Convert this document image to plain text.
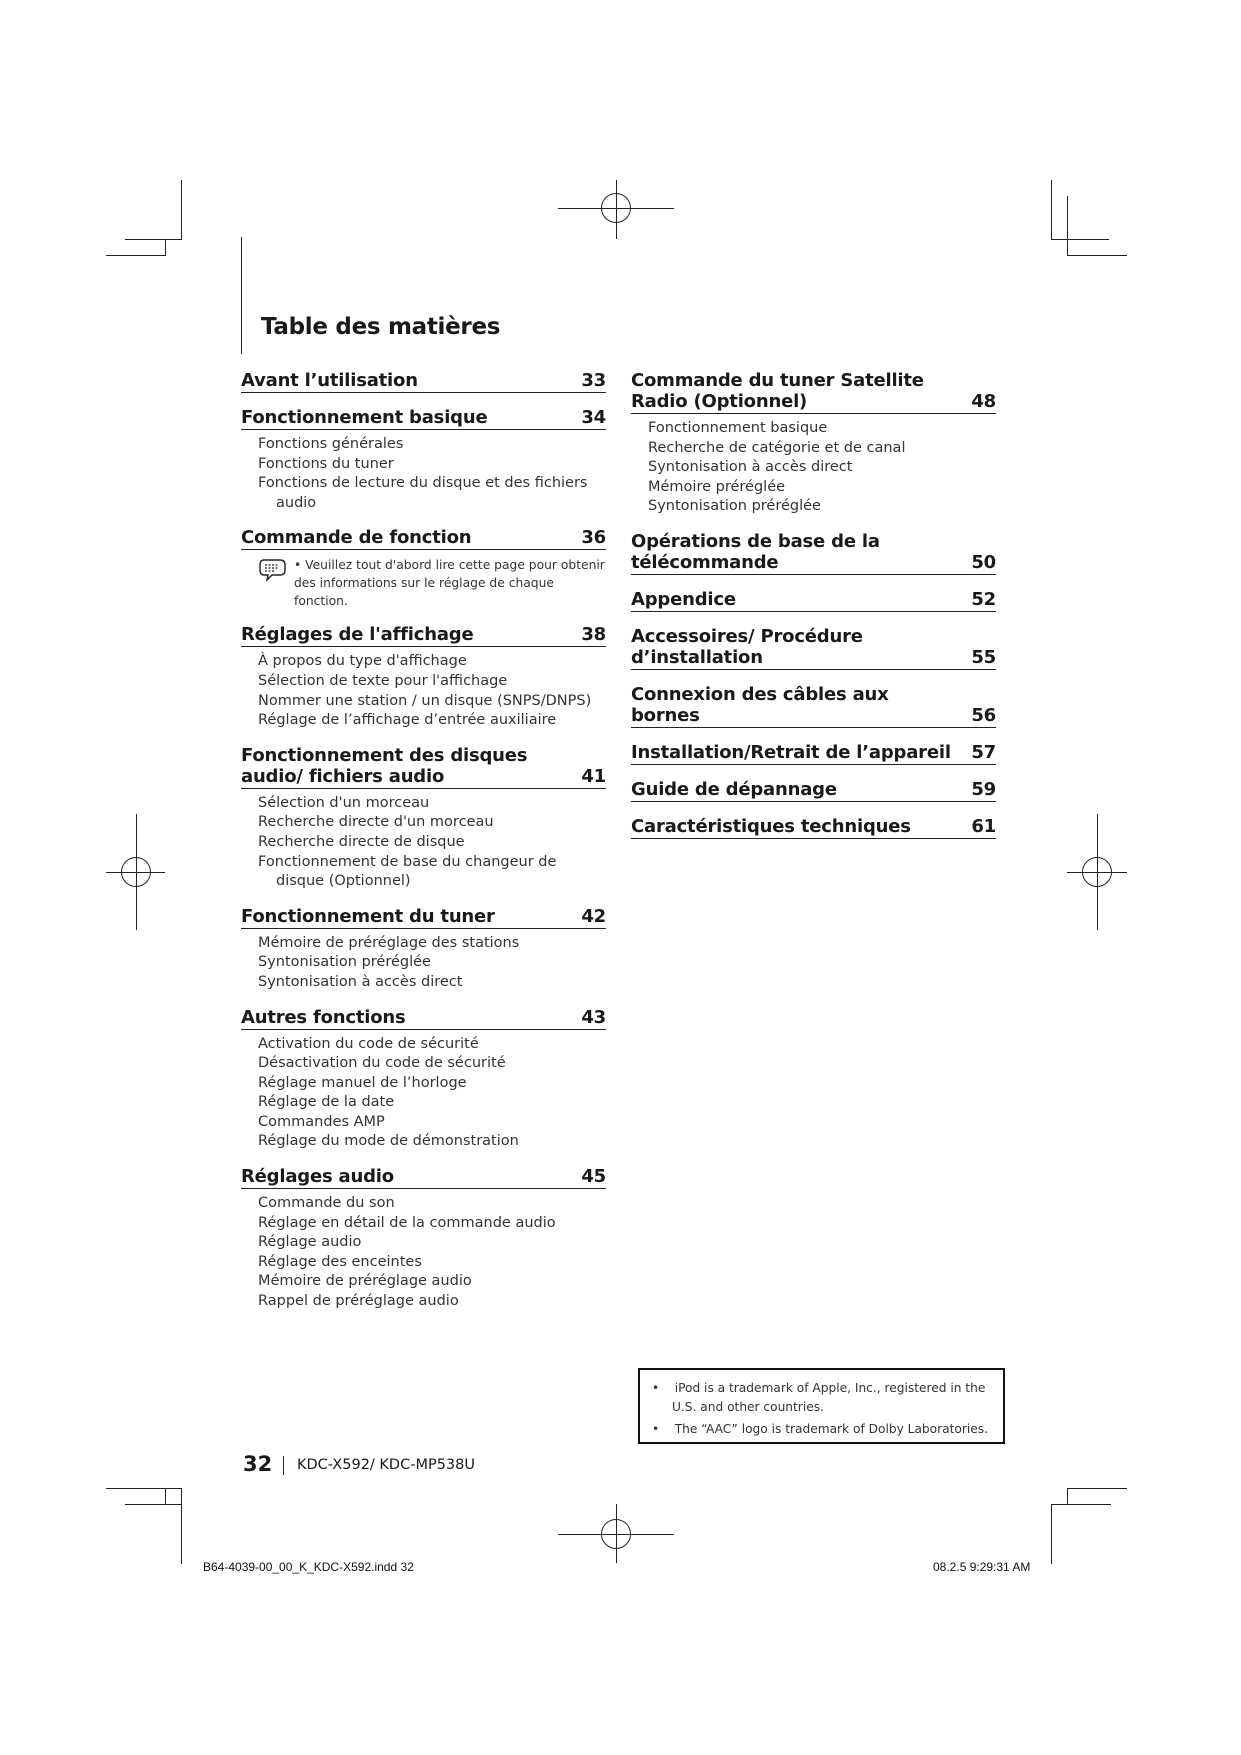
Table des matières
Avant l’utilisation	33
Fonctionnement basique	34
Fonctions générales
Fonctions du tuner
Fonctions de lecture du disque et des fichiers audio
Commande de fonction	36
• Veuillez tout d'abord lire cette page pour obtenir des informations sur le réglage de chaque fonction.
Réglages de l'affichage	38
À propos du type d'affichage
Sélection de texte pour l'affichage
Nommer une station / un disque (SNPS/DNPS)
Réglage de l’affichage d’entrée auxiliaire
Fonctionnement des disques audio/ fichiers audio	41
Sélection d'un morceau
Recherche directe d'un morceau
Recherche directe de disque
Fonctionnement de base du changeur de disque (Optionnel)
Fonctionnement du tuner	42
Mémoire de préréglage des stations
Syntonisation préréglée
Syntonisation à accès direct
Autres fonctions	43
Activation du code de sécurité
Désactivation du code de sécurité
Réglage manuel de l’horloge
Réglage de la date
Commandes AMP
Réglage du mode de démonstration
Réglages audio	45
Commande du son
Réglage en détail de la commande audio
Réglage audio
Réglage des enceintes
Mémoire de préréglage audio
Rappel de préréglage audio
Commande du tuner Satellite Radio (Optionnel)	48
Fonctionnement basique
Recherche de catégorie et de canal
Syntonisation à accès direct
Mémoire préréglée
Syntonisation préréglée
Opérations de base de la télécommande	50
Appendice	52
Accessoires/ Procédure d’installation	55
Connexion des câbles aux bornes	56
Installation/Retrait de l’appareil	57
Guide de dépannage	59
Caractéristiques techniques	61
•    iPod is a trademark of Apple, Inc., registered in the U.S. and other countries.
•    The “AAC” logo is trademark of Dolby Laboratories.
32 KDC-X592/ KDC-MP538U
B64-4039-00_00_K_KDC-X592.indd 32	08.2.5 9:29:31 AM
